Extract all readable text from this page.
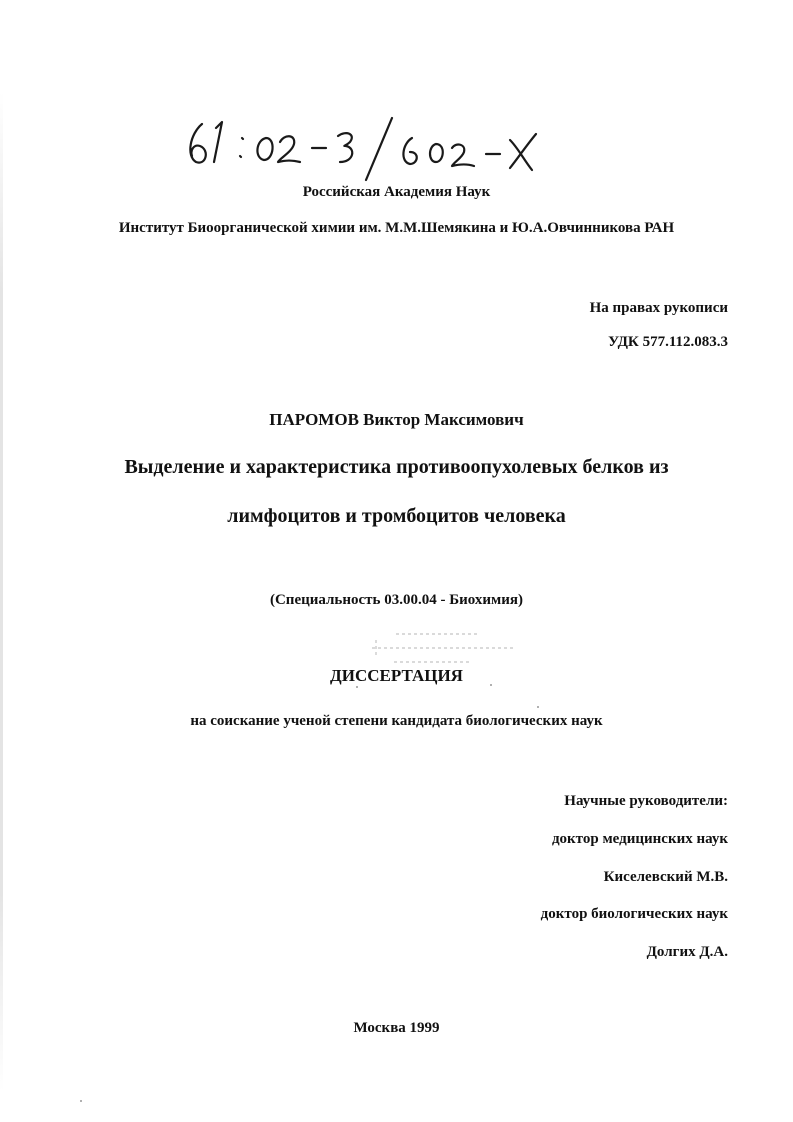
Российская Академия Наук
Институт Биоорганической химии им. М.М.Шемякина и Ю.А.Овчинникова РАН
На правах рукописи
УДК 577.112.083.3
ПАРОМОВ Виктор Максимович
Выделение и характеристика противоопухолевых белков из
лимфоцитов и тромбоцитов человека
(Специальность 03.00.04 - Биохимия)
ДИССЕРТАЦИЯ
на соискание ученой степени кандидата биологических наук
Научные руководители:
доктор медицинских наук
Киселевский М.В.
доктор биологических наук
Долгих Д.А.
Москва 1999
